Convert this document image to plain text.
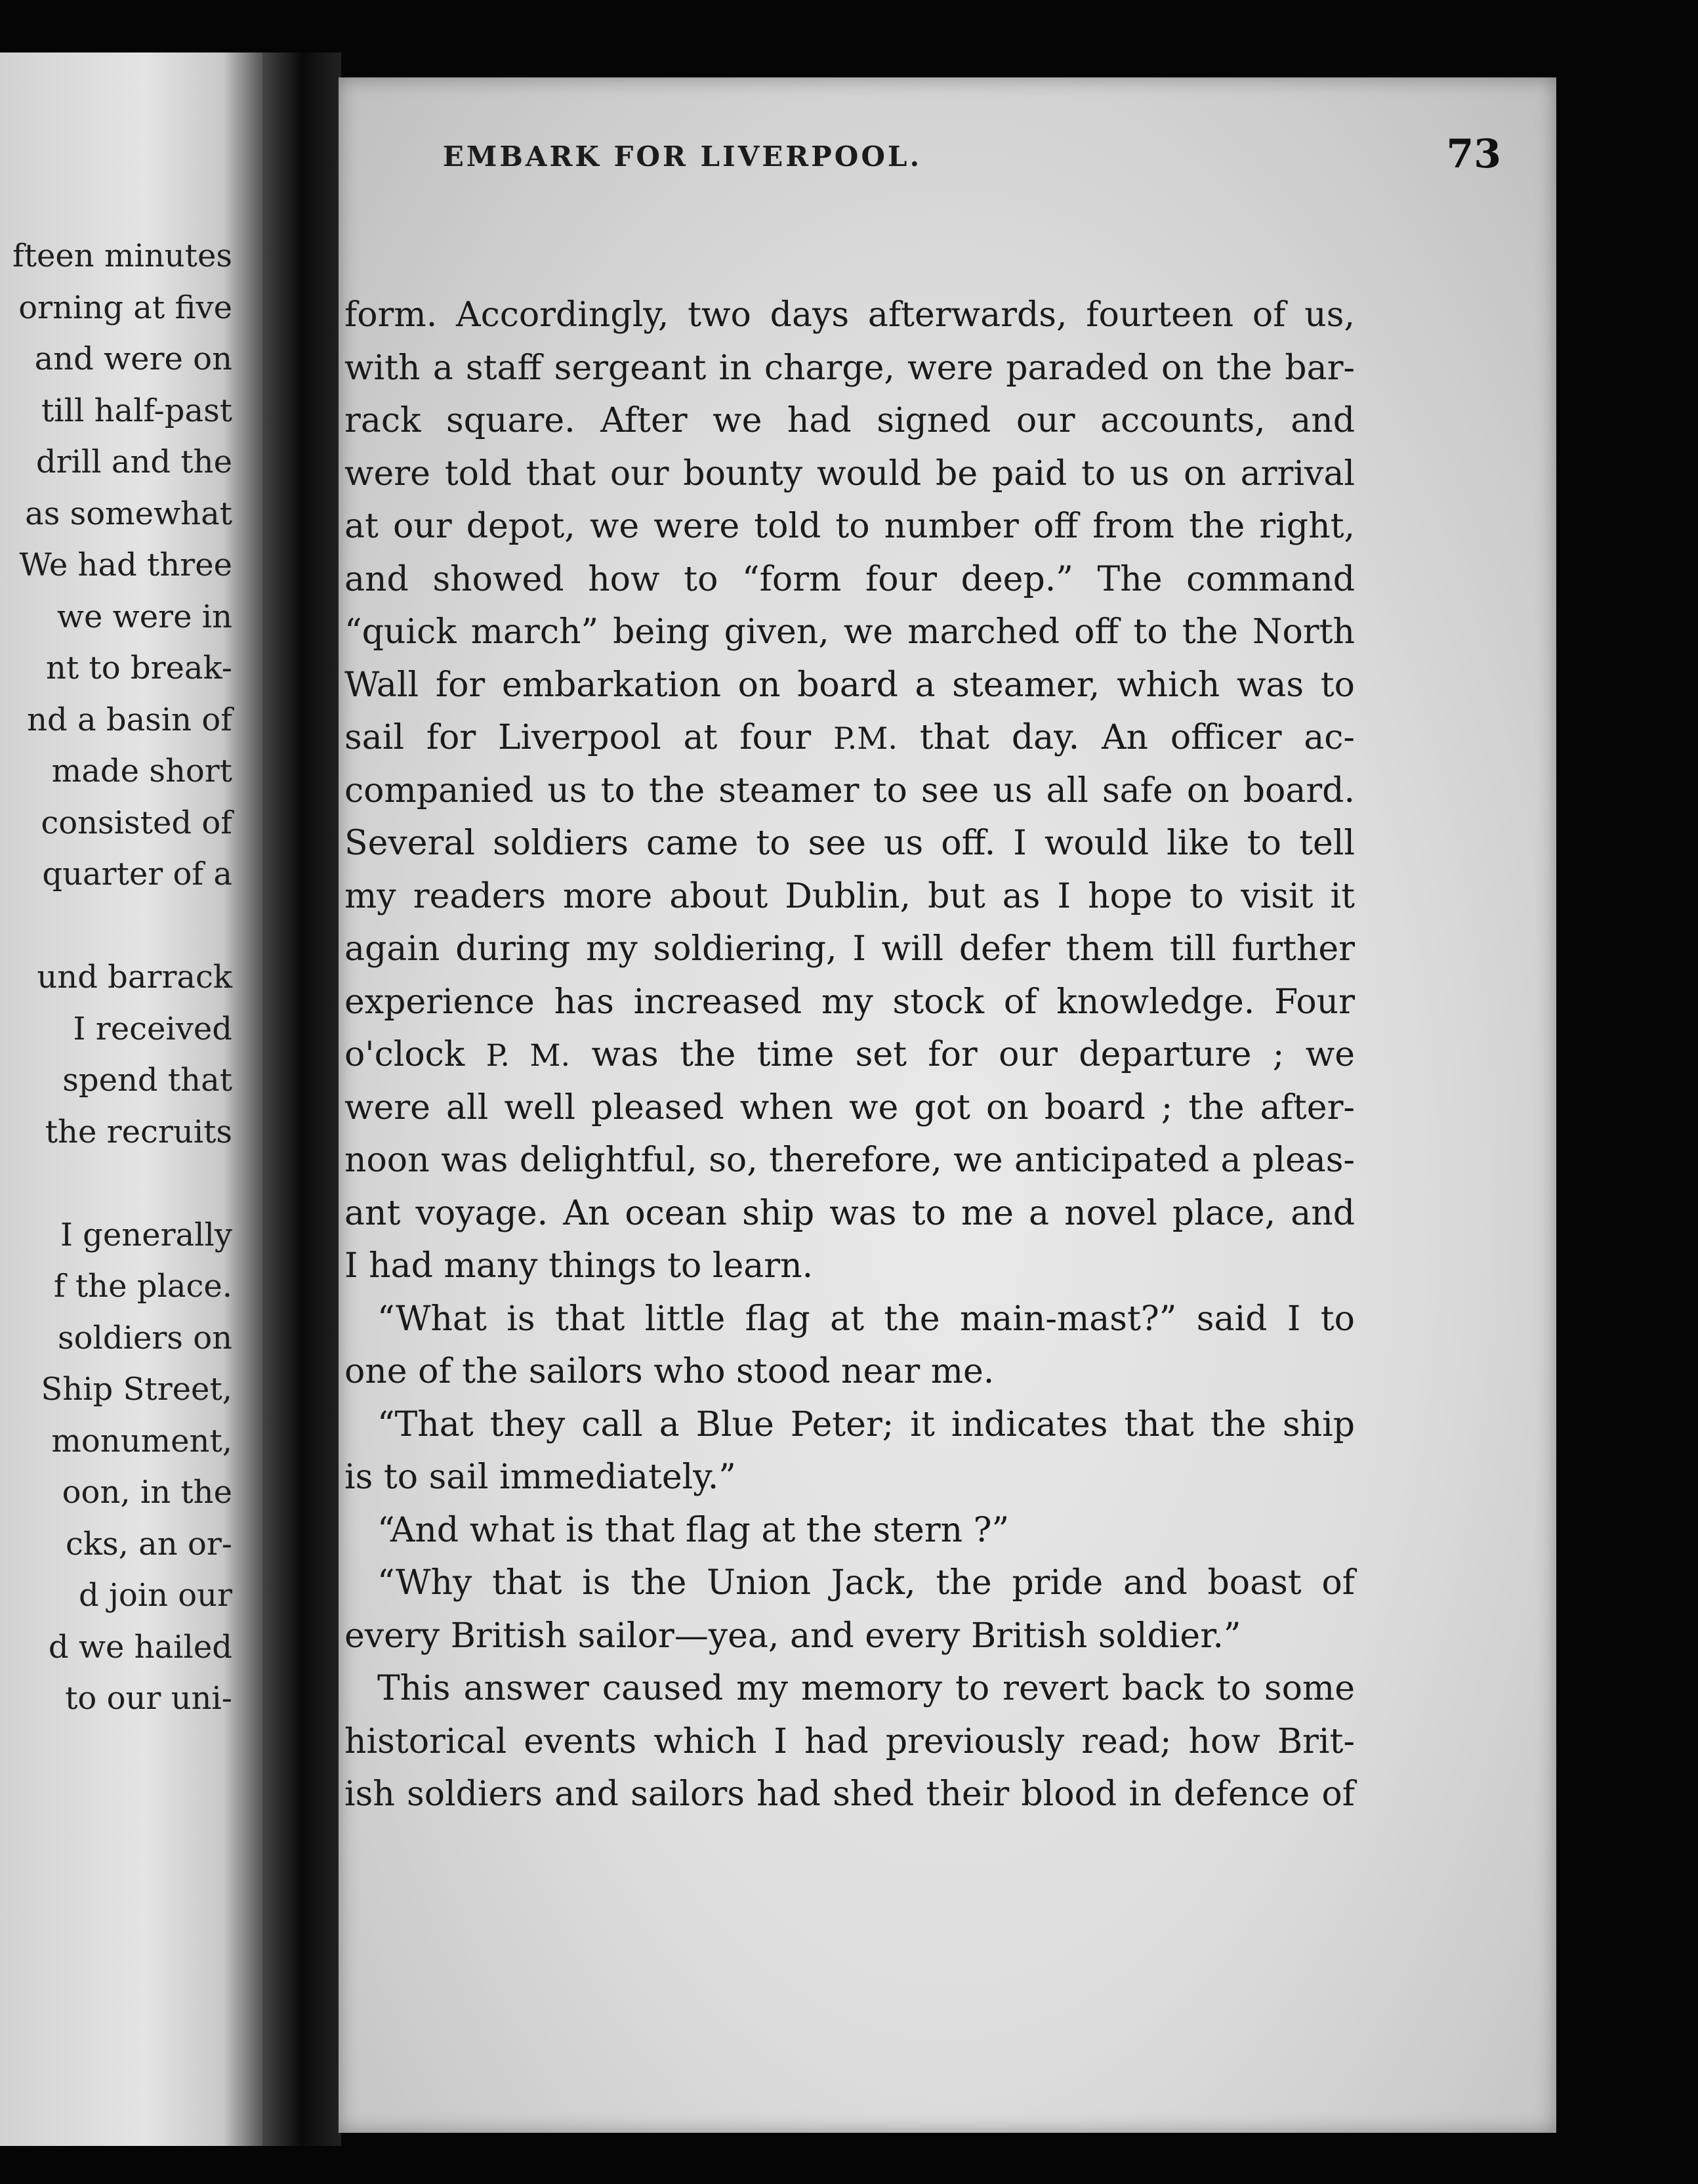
fteen minutes
orning at five
and were on
till half-past
drill and the
as somewhat
We had three
we were in
nt to break-
nd a basin of
made short
consisted of
quarter of a
und barrack
I received
spend that
the recruits
I generally
f the place.
soldiers on
Ship Street,
monument,
oon, in the
cks, an or-
d join our
d we hailed
to our uni-
EMBARK FOR LIVERPOOL.	73
form. Accordingly, two days afterwards, fourteen of us,
with a staff sergeant in charge, were paraded on the bar-
rack square. After we had signed our accounts, and
were told that our bounty would be paid to us on arrival
at our depot, we were told to number off from the right,
and showed how to “form four deep.” The command
“quick march” being given, we marched off to the North
Wall for embarkation on board a steamer, which was to
sail for Liverpool at four P.M. that day. An officer ac-
companied us to the steamer to see us all safe on board.
Several soldiers came to see us off. I would like to tell
my readers more about Dublin, but as I hope to visit it
again during my soldiering, I will defer them till further
experience has increased my stock of knowledge. Four
o'clock P. M. was the time set for our departure ; we
were all well pleased when we got on board ; the after-
noon was delightful, so, therefore, we anticipated a pleas-
ant voyage. An ocean ship was to me a novel place, and
I had many things to learn.
“What is that little flag at the main-mast?” said I to
one of the sailors who stood near me.
“That they call a Blue Peter; it indicates that the ship
is to sail immediately.”
“And what is that flag at the stern ?”
“Why that is the Union Jack, the pride and boast of
every British sailor—yea, and every British soldier.”
This answer caused my memory to revert back to some
historical events which I had previously read; how Brit-
ish soldiers and sailors had shed their blood in defence of
